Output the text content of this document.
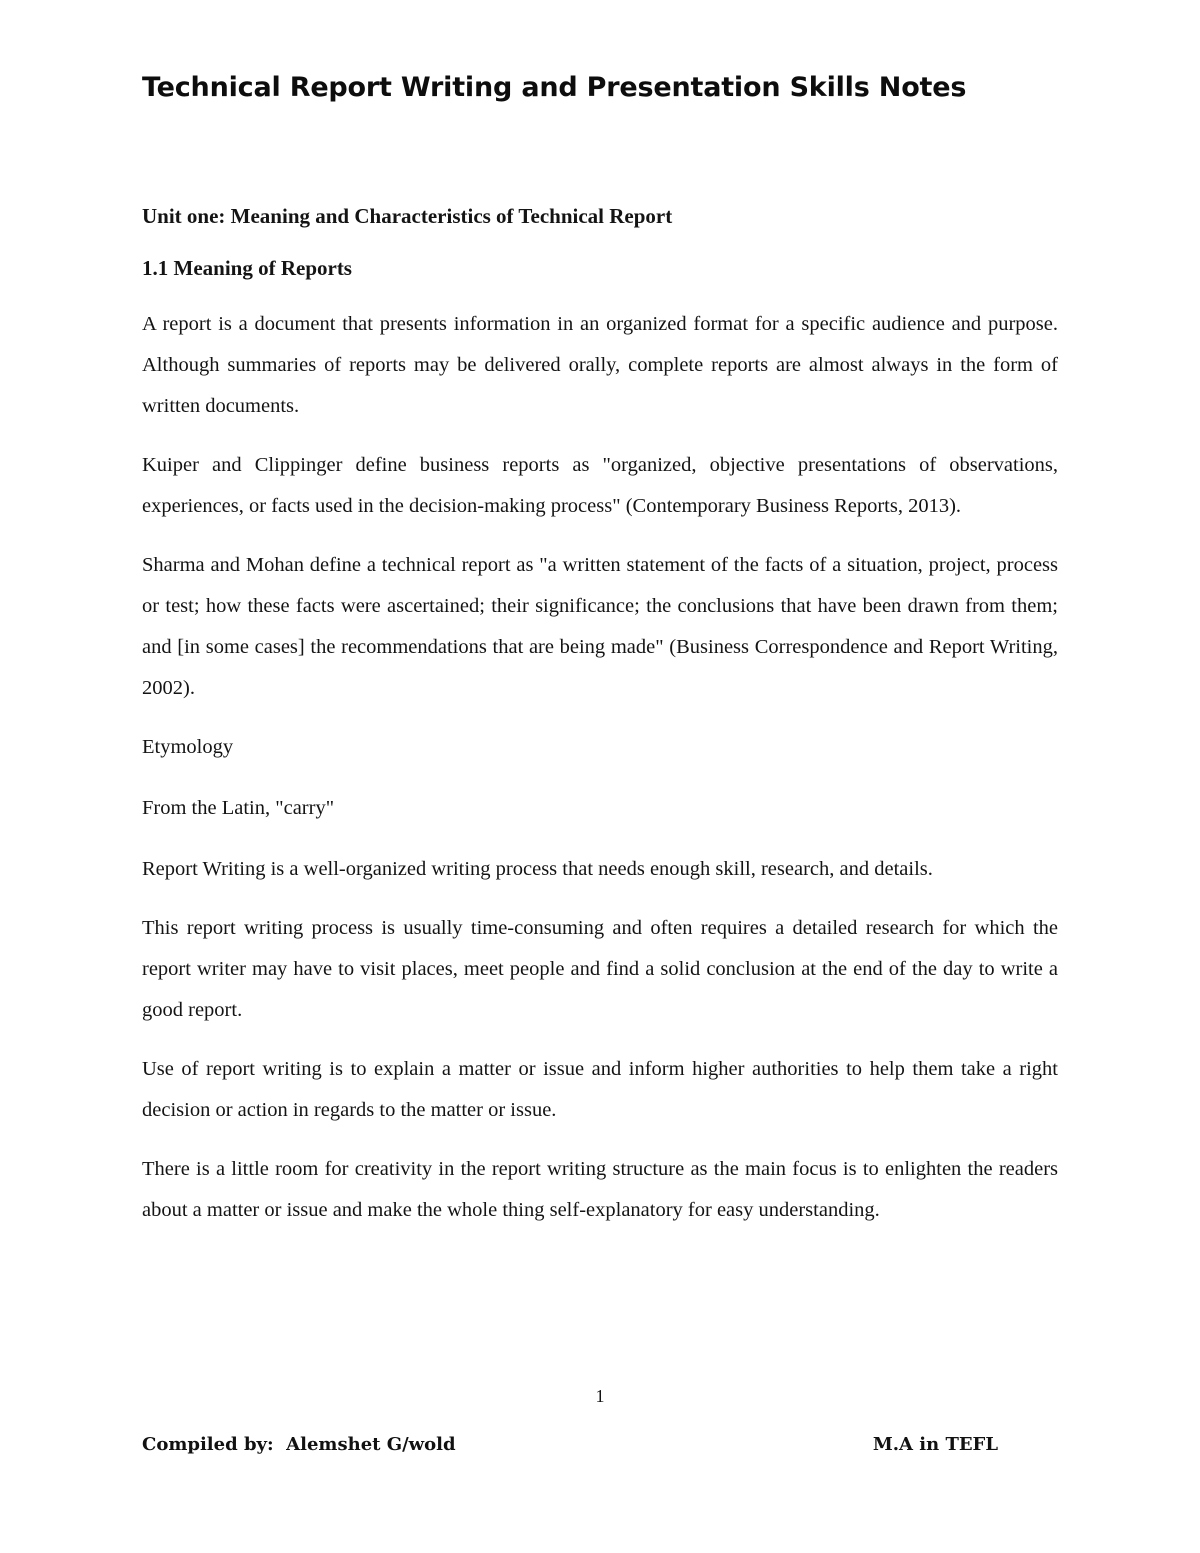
Technical Report Writing and Presentation Skills Notes
Unit one: Meaning and Characteristics of Technical Report
1.1 Meaning of Reports

A report is a document that presents information in an organized format for a specific audience and purpose. Although summaries of reports may be delivered orally, complete reports are almost always in the form of written documents.

Kuiper and Clippinger define business reports as "organized, objective presentations of observations, experiences, or facts used in the decision-making process" (Contemporary Business Reports, 2013).

Sharma and Mohan define a technical report as "a written statement of the facts of a situation, project, process or test; how these facts were ascertained; their significance; the conclusions that have been drawn from them; and [in some cases] the recommendations that are being made" (Business Correspondence and Report Writing, 2002).

Etymology

From the Latin, "carry"

Report Writing is a well-organized writing process that needs enough skill, research, and details.

This report writing process is usually time-consuming and often requires a detailed research for which the report writer may have to visit places, meet people and find a solid conclusion at the end of the day to write a good report.

Use of report writing is to explain a matter or issue and inform higher authorities to help them take a right decision or action in regards to the matter or issue.

There is a little room for creativity in the report writing structure as the main focus is to enlighten the readers about a matter or issue and make the whole thing self-explanatory for easy understanding.

1
Compiled by:  Alemshet G/wold	M.A in TEFL
